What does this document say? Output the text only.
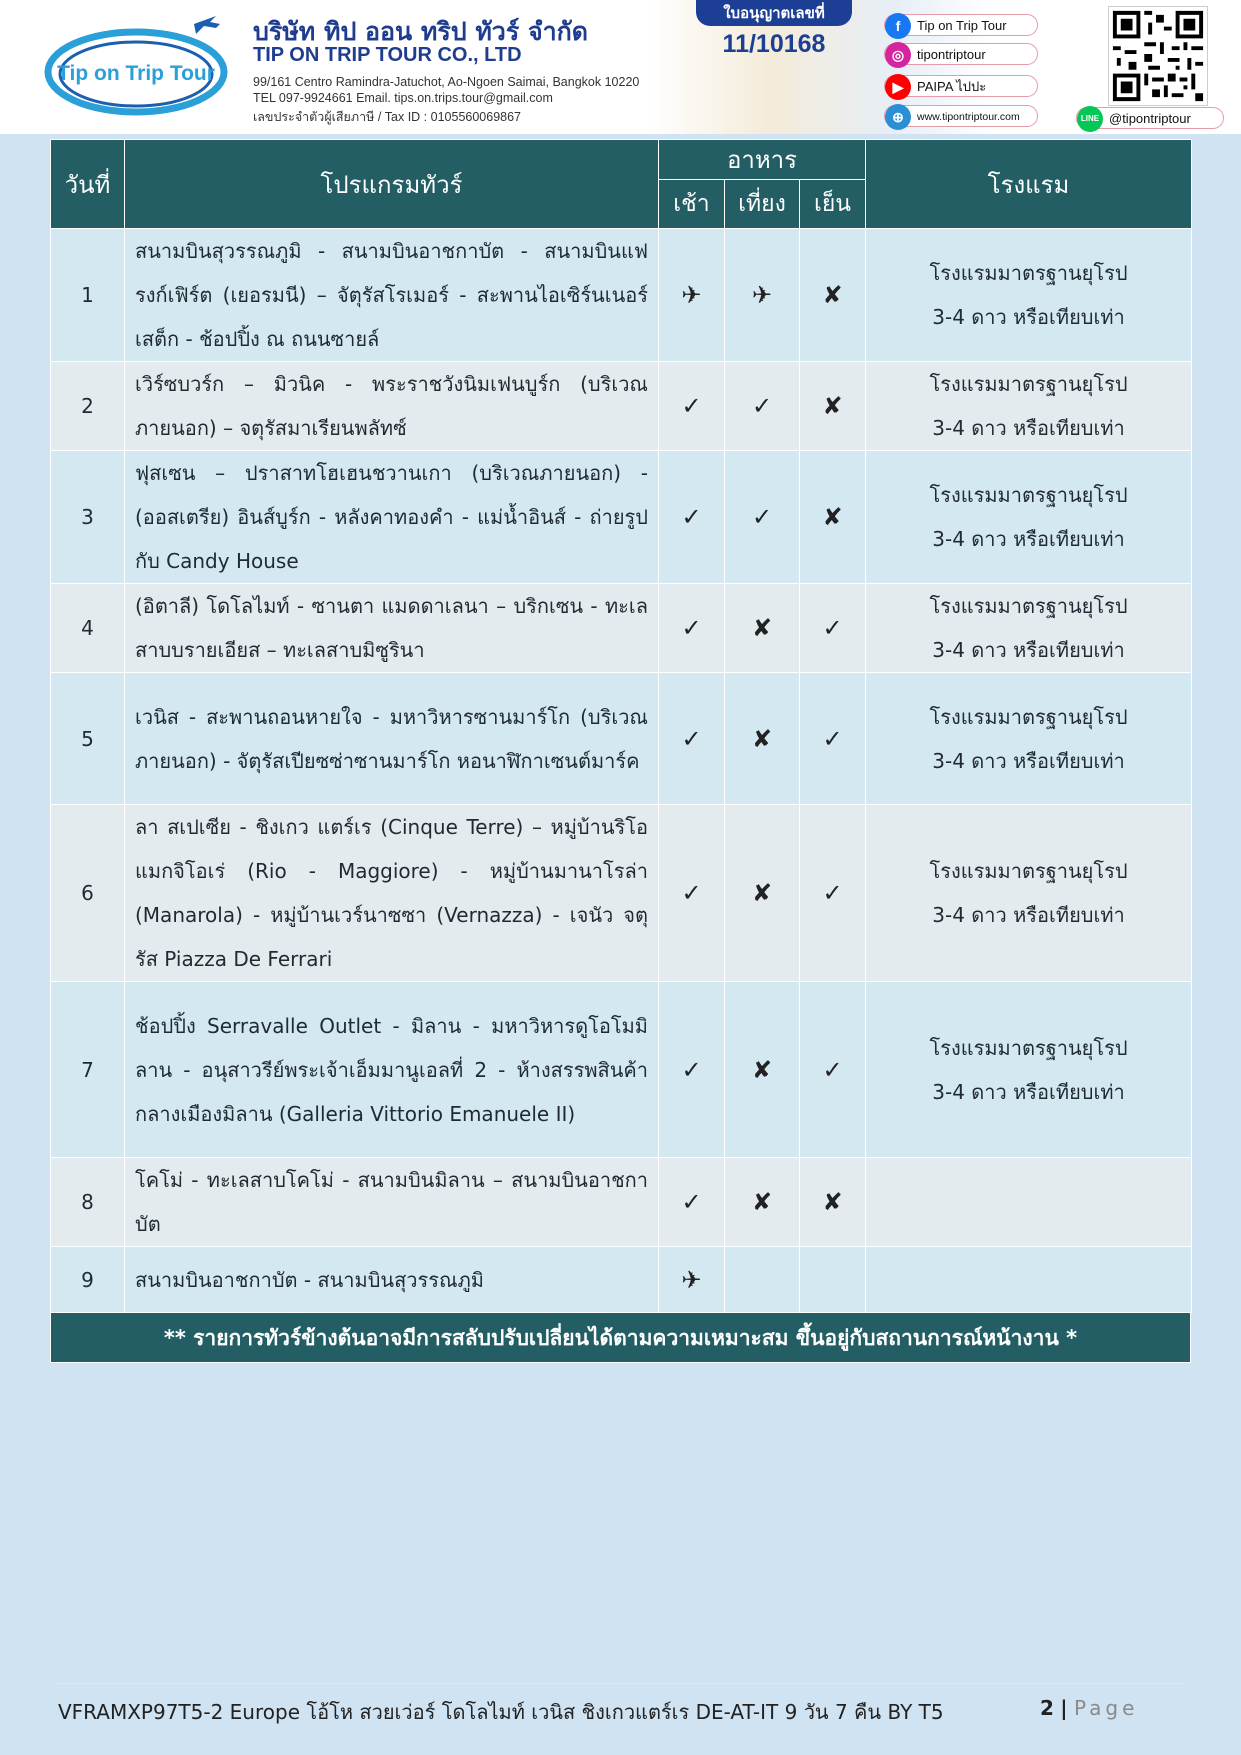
Tip on Trip Tour
บริษัท ทิป ออน ทริป ทัวร์ จำกัด
TIP ON TRIP TOUR CO., LTD
99/161 Centro Ramindra-Jatuchot, Ao-Ngoen Saimai, Bangkok 10220
TEL 097-9924661 Email. tips.on.trips.tour@gmail.com
เลขประจำตัวผู้เสียภาษี / Tax ID : 0105560069867
ใบอนุญาตเลขที่
11/10168
f	Tip on Trip Tour
◎ tipontriptour
▶	PAIPA ไปปะ
⊕	www.tipontriptour.com	LINE @tipontriptour
วันที่	โปรแกรมทัวร์	อาหาร			โรงแรม
		เช้า	เที่ยง	เย็น	
1	สนามบินสุวรรณภูมิ - สนามบินอาชกาบัต - สนามบินแฟรงก์เฟิร์ต (เยอรมนี) – จัตุรัสโรเมอร์ - สะพานไอเซิร์นเนอร์เสต็ก - ช้อปปิ้ง ณ ถนนซายล์	✈	✈	✘	โรงแรมมาตรฐานยุโรป
3-4 ดาว หรือเทียบเท่า
2	เวิร์ซบวร์ก – มิวนิค - พระราชวังนิมเฟนบูร์ก (บริเวณภายนอก) – จตุรัสมาเรียนพลัทซ์	✓	✓	✘	โรงแรมมาตรฐานยุโรป
3-4 ดาว หรือเทียบเท่า
3	ฟุสเซน – ปราสาทโฮเฮนชวานเกา (บริเวณภายนอก) - (ออสเตรีย) อินส์บูร์ก - หลังคาทองคำ - แม่น้ำอินส์ - ถ่ายรูปกับ Candy House	✓	✓	✘	โรงแรมมาตรฐานยุโรป
3-4 ดาว หรือเทียบเท่า
4	(อิตาลี) โดโลไมท์ - ซานตา แมดดาเลนา – บริกเซน - ทะเลสาบบรายเอียส – ทะเลสาบมิซูรินา	✓	✘	✓	โรงแรมมาตรฐานยุโรป
3-4 ดาว หรือเทียบเท่า
5	เวนิส - สะพานถอนหายใจ - มหาวิหารซานมาร์โก (บริเวณภายนอก) - จัตุรัสเปียซซ่าซานมาร์โก หอนาฬิกาเซนต์มาร์ค	✓	✘	✓	โรงแรมมาตรฐานยุโรป
3-4 ดาว หรือเทียบเท่า
6	ลา สเปเซีย - ชิงเกว แตร์เร (Cinque Terre) – หมู่บ้านริโอ แมกจิโอเร่ (Rio - Maggiore) - หมู่บ้านมานาโรล่า (Manarola) - หมู่บ้านเวร์นาซซา (Vernazza) - เจนัว จตุรัส Piazza De Ferrari	✓	✘	✓	โรงแรมมาตรฐานยุโรป
3-4 ดาว หรือเทียบเท่า
7	ช้อปปิ้ง Serravalle Outlet - มิลาน - มหาวิหารดูโอโมมิลาน - อนุสาวรีย์พระเจ้าเอ็มมานูเอลที่ 2 - ห้างสรรพสินค้ากลางเมืองมิลาน (Galleria Vittorio Emanuele II)	✓	✘	✓	โรงแรมมาตรฐานยุโรป
3-4 ดาว หรือเทียบเท่า
8	โคโม่ - ทะเลสาบโคโม่ - สนามบินมิลาน – สนามบินอาชกาบัต	✓	✘	✘	

9	สนามบินอาชกาบัต - สนามบินสุวรรณภูมิ	✈			

** รายการทัวร์ข้างต้นอาจมีการสลับปรับเปลี่ยนได้ตามความเหมาะสม ขึ้นอยู่กับสถานการณ์หน้างาน *
VFRAMXP97T5-2 Europe โอ้โห สวยเว่อร์ โดโลไมท์ เวนิส ชิงเกวแตร์เร DE-AT-IT 9 วัน 7 คืน BY T5	2 | Page
